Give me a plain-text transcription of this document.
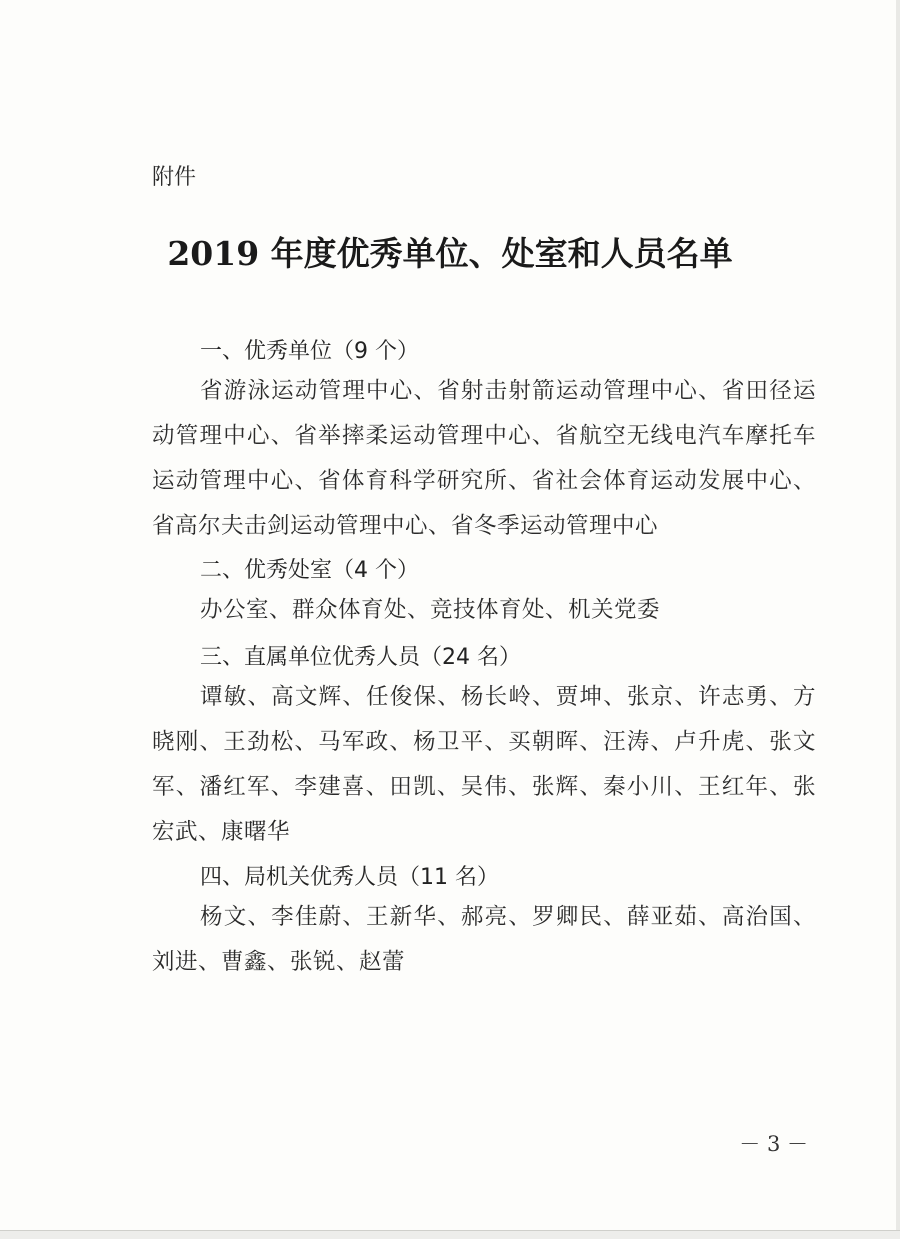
附件
2019 年度优秀单位、处室和人员名单
一、优秀单位（9 个）
省游泳运动管理中心、省射击射箭运动管理中心、省田径运动管理中心、省举摔柔运动管理中心、省航空无线电汽车摩托车运动管理中心、省体育科学研究所、省社会体育运动发展中心、省高尔夫击剑运动管理中心、省冬季运动管理中心
二、优秀处室（4 个）
办公室、群众体育处、竞技体育处、机关党委
三、直属单位优秀人员（24 名）
谭敏、高文辉、任俊保、杨长岭、贾坤、张京、许志勇、方晓刚、王劲松、马军政、杨卫平、买朝晖、汪涛、卢升虎、张文军、潘红军、李建喜、田凯、吴伟、张辉、秦小川、王红年、张宏武、康曙华
四、局机关优秀人员（11 名）
杨文、李佳蔚、王新华、郝亮、罗卿民、薛亚茹、高治国、刘进、曹鑫、张锐、赵蕾
－ 3 －
